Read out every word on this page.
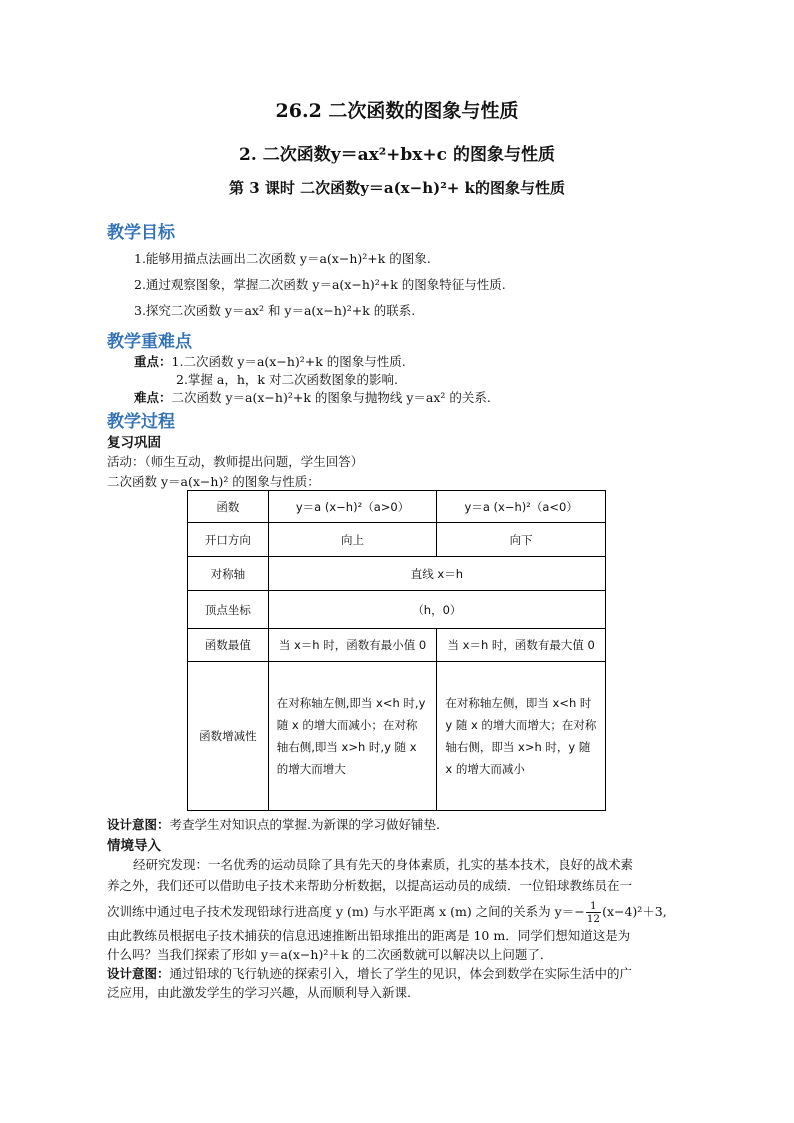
26.2 二次函数的图象与性质
2. 二次函数y＝ax²+bx+c 的图象与性质
第 3 课时 二次函数y＝a(x−h)²+ k的图象与性质
教学目标
1.能够用描点法画出二次函数 y＝a(x−h)²+k 的图象.
2.通过观察图象，掌握二次函数 y＝a(x−h)²+k 的图象特征与性质.
3.探究二次函数 y＝ax² 和 y＝a(x−h)²+k 的联系.
教学重难点
重点：1.二次函数 y＝a(x−h)²+k 的图象与性质.
2.掌握 a，h，k 对二次函数图象的影响.
难点：二次函数 y＝a(x−h)²+k 的图象与抛物线 y＝ax² 的关系.
教学过程
复习巩固
活动：（师生互动，教师提出问题，学生回答）
二次函数 y＝a(x−h)² 的图象与性质：
函数	y＝a (x−h)²（a>0）	y＝a (x−h)²（a<0）
开口方向	向上	向下
对称轴	直线 x＝h	
顶点坐标	（h，0）	
函数最值	当 x＝h 时，函数有最小值 0	当 x＝h 时，函数有最大值 0
函数增减性	在对称轴左侧,即当 x<h 时,y 随 x 的增大而减小；在对称轴右侧,即当 x>h 时,y 随 x 的增大而增大	在对称轴左侧，即当 x<h 时 y 随 x 的增大而增大；在对称轴右侧，即当 x>h 时，y 随 x 的增大而减小
设计意图：考查学生对知识点的掌握.为新课的学习做好铺垫.
情境导入
经研究发现：一名优秀的运动员除了具有先天的身体素质，扎实的基本技术，良好的战术素
养之外，我们还可以借助电子技术来帮助分析数据，以提高运动员的成绩．一位铅球教练员在一
次训练中通过电子技术发现铅球行进高度 y (m) 与水平距离 x (m) 之间的关系为 $y=- \frac{1}{12} (x-4)^2+3$,
由此教练员根据电子技术捕获的信息迅速推断出铅球推出的距离是 10 m．同学们想知道这是为
什么吗？当我们探索了形如 y＝a(x−h)²＋k 的二次函数就可以解决以上问题了．
设计意图：通过铅球的飞行轨迹的探索引入，增长了学生的见识，体会到数学在实际生活中的广
泛应用，由此激发学生的学习兴趣，从而顺利导入新课.
